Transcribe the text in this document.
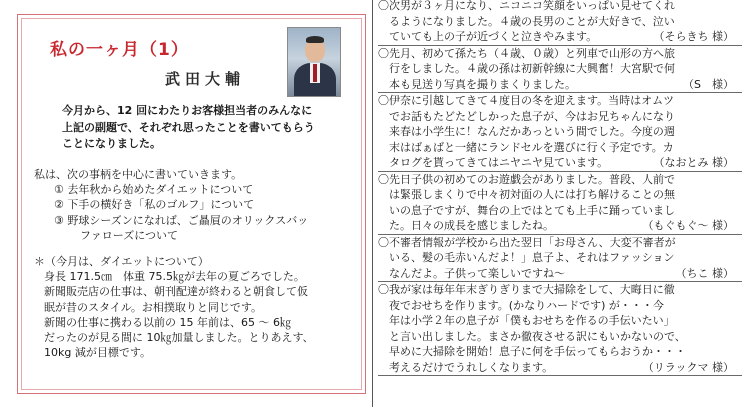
私の一ヶ月（1）
武田大輔
今月から、12 回にわたりお客様担当者のみんなに
上記の副題で、それぞれ思ったことを書いてもらう
ことになりました。
私は、次の事柄を中心に書いていきます。
① 去年秋から始めたダイエットについて
② 下手の横好き「私のゴルフ」について
③ 野球シーズンになれば、ご贔屓のオリックスバッ
ファローズについて
＊（今月は、ダイエットについて）
身長 171.5㎝　体重 75.5㎏が去年の夏ごろでした。
新聞販売店の仕事は、朝刊配達が終わると朝食して仮
眠が昔のスタイル。お相撲取りと同じです。
新聞の仕事に携わる以前の 15 年前は、65 ～ 6㎏
だったのが見る間に 10㎏加量しました。とりあえす、
10kg 減が目標です。
〇次男が３ヶ月になり、ニコニコ笑顔をいっぱい見せてくれ
るようになりました。４歳の長男のことが大好きで、泣い
ていても上の子が近づくと泣きやみます。	（そらきち 様）
〇先月、初めて孫たち（４歳、０歳）と列車で山形の方へ旅
行をしました。４歳の孫は初新幹線に大興奮！大宮駅で何
本も見送り写真を撮りまくりました。	（S　様）
〇伊奈に引越してきて４度目の冬を迎えます。当時はオムツ
でお話もたどたどしかった息子が、今はお兄ちゃんになり
来春は小学生に！なんだかあっという間でした。今度の週
末はばぁばと一緒にランドセルを選びに行く予定です。カ
タログを貰ってきてはニヤニヤ見ています。	（なおとみ 様）
〇先日子供の初めてのお遊戯会がありました。普段、人前で
は緊張しまくりで中々初対面の人には打ち解けることの無
いの息子ですが、舞台の上ではとても上手に踊っていまし
た。日々の成長を感じましたね。	（もぐもぐ～ 様）
〇不審者情報が学校から出た翌日「お母さん、大変不審者が
いる、髪の毛赤いんだよ！」息子よ、それはファッション
なんだよ。子供って楽しいですね～	（ちこ 様）
〇我が家は毎年年末ぎりぎりまで大掃除をして、大晦日に徹
夜でおせちを作ります。(かなりハードです) が・・・今
年は小学２年の息子が「僕もおせちを作るの手伝いたい」
と言い出しました。まさか徹夜させる訳にもいかないので、
早めに大掃除を開始！息子に何を手伝ってもらおうか・・・
考えるだけでうれしくなります。	（リラックマ 様）
